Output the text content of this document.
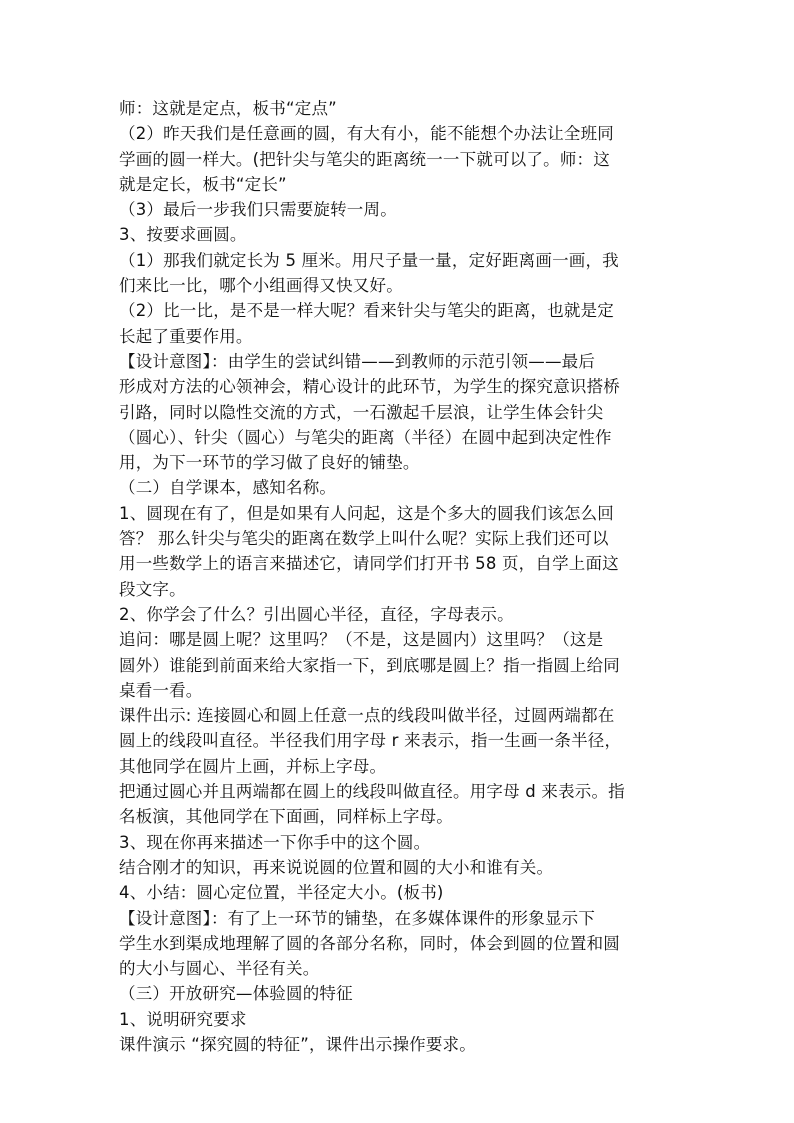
师：这就是定点，板书“定点”
（2）昨天我们是任意画的圆，有大有小，能不能想个办法让全班同
学画的圆一样大。(把针尖与笔尖的距离统一一下就可以了。师：这
就是定长，板书“定长”
（3）最后一步我们只需要旋转一周。
3、按要求画圆。
（1）那我们就定长为 5 厘米。用尺子量一量，定好距离画一画，我
们来比一比，哪个小组画得又快又好。
（2）比一比，是不是一样大呢？看来针尖与笔尖的距离，也就是定
长起了重要作用。
【设计意图】：由学生的尝试纠错——到教师的示范引领——最后
形成对方法的心领神会，精心设计的此环节，为学生的探究意识搭桥
引路，同时以隐性交流的方式，一石激起千层浪，让学生体会针尖
（圆心）、针尖（圆心）与笔尖的距离（半径）在圆中起到决定性作
用，为下一环节的学习做了良好的铺垫。
（二）自学课本，感知名称。
1、圆现在有了，但是如果有人问起，这是个多大的圆我们该怎么回
答？ 那么针尖与笔尖的距离在数学上叫什么呢？实际上我们还可以
用一些数学上的语言来描述它，请同学们打开书 58 页，自学上面这
段文字。
2、你学会了什么？引出圆心半径，直径，字母表示。
追问：哪是圆上呢？这里吗？（不是，这是圆内）这里吗？（这是
圆外）谁能到前面来给大家指一下，到底哪是圆上？指一指圆上给同
桌看一看。
课件出示: 连接圆心和圆上任意一点的线段叫做半径，过圆两端都在
圆上的线段叫直径。半径我们用字母 r 来表示，指一生画一条半径，
其他同学在圆片上画，并标上字母。
把通过圆心并且两端都在圆上的线段叫做直径。用字母 d 来表示。指
名板演，其他同学在下面画，同样标上字母。
3、现在你再来描述一下你手中的这个圆。
结合刚才的知识，再来说说圆的位置和圆的大小和谁有关。
4、小结：圆心定位置，半径定大小。(板书)
【设计意图】：有了上一环节的铺垫，在多媒体课件的形象显示下
学生水到渠成地理解了圆的各部分名称，同时，体会到圆的位置和圆
的大小与圆心、半径有关。
（三）开放研究—体验圆的特征
1、说明研究要求
课件演示 “探究圆的特征”，课件出示操作要求。
